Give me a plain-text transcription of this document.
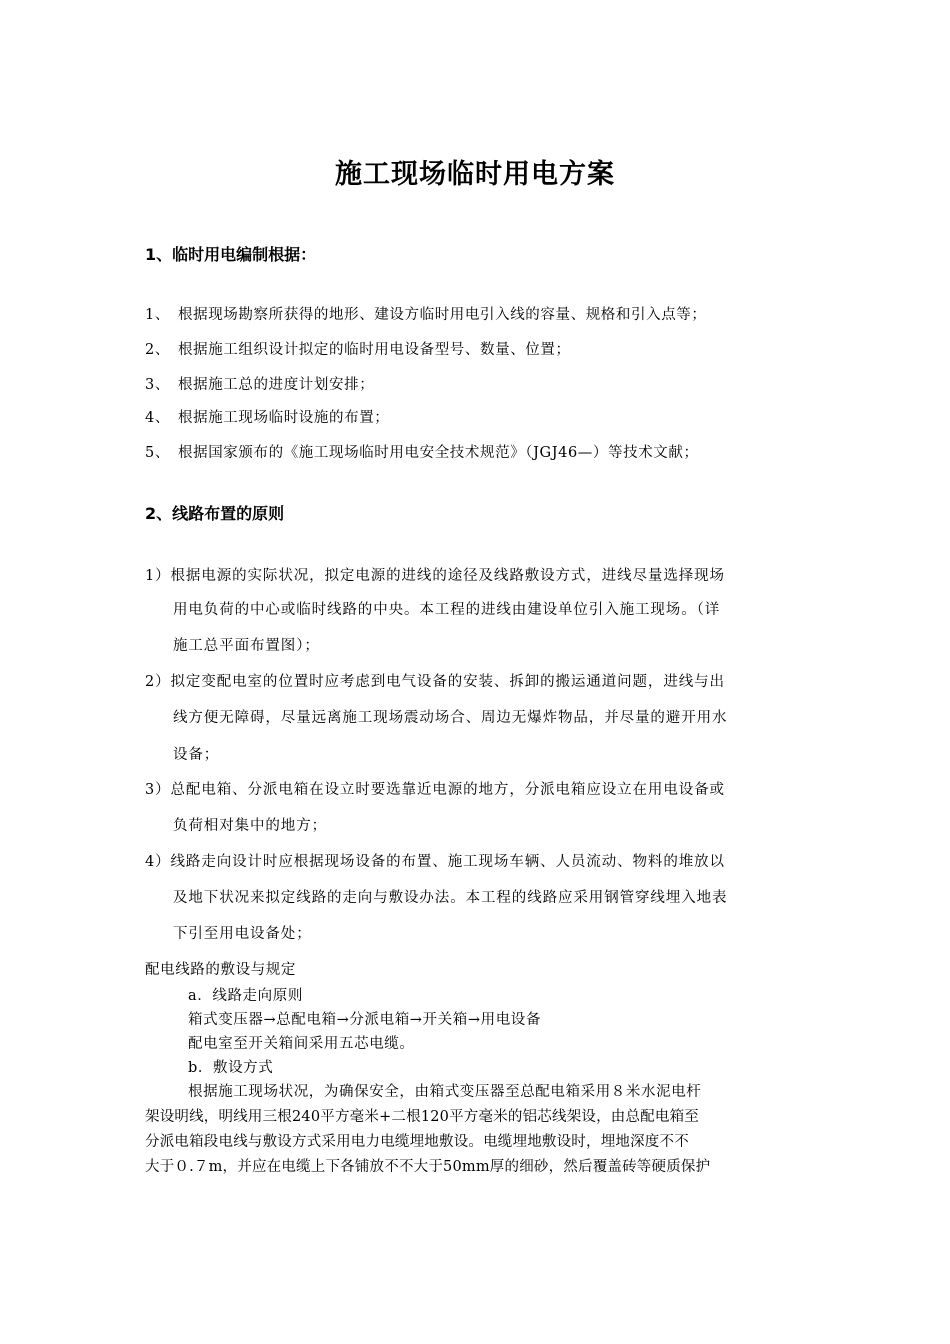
施工现场临时用电方案
1、临时用电编制根据：
1、 根据现场勘察所获得的地形、建设方临时用电引入线的容量、规格和引入点等；
2、 根据施工组织设计拟定的临时用电设备型号、数量、位置；
3、 根据施工总的进度计划安排；
4、 根据施工现场临时设施的布置；
5、 根据国家颁布的《施工现场临时用电安全技术规范》（JGJ46—）等技术文献；
2、线路布置的原则
1）根据电源的实际状况，拟定电源的进线的途径及线路敷设方式，进线尽量选择现场
用电负荷的中心或临时线路的中央。本工程的进线由建设单位引入施工现场。（详
施工总平面布置图）；
2）拟定变配电室的位置时应考虑到电气设备的安装、拆卸的搬运通道问题，进线与出
线方便无障碍，尽量远离施工现场震动场合、周边无爆炸物品，并尽量的避开用水
设备；
3）总配电箱、分派电箱在设立时要选靠近电源的地方，分派电箱应设立在用电设备或
负荷相对集中的地方；
4）线路走向设计时应根据现场设备的布置、施工现场车辆、人员流动、物料的堆放以
及地下状况来拟定线路的走向与敷设办法。本工程的线路应采用钢管穿线埋入地表
下引至用电设备处；
配电线路的敷设与规定
a．线路走向原则
箱式变压器→总配电箱→分派电箱→开关箱→用电设备
配电室至开关箱间采用五芯电缆。
b．敷设方式
根据施工现场状况，为确保安全，由箱式变压器至总配电箱采用８米水泥电杆
架设明线，明线用三根240平方毫米+二根120平方毫米的铝芯线架设，由总配电箱至
分派电箱段电线与敷设方式采用电力电缆埋地敷设。电缆埋地敷设时，埋地深度不不
大于０.７m，并应在电缆上下各铺放不不大于50mm厚的细砂，然后覆盖砖等硬质保护
